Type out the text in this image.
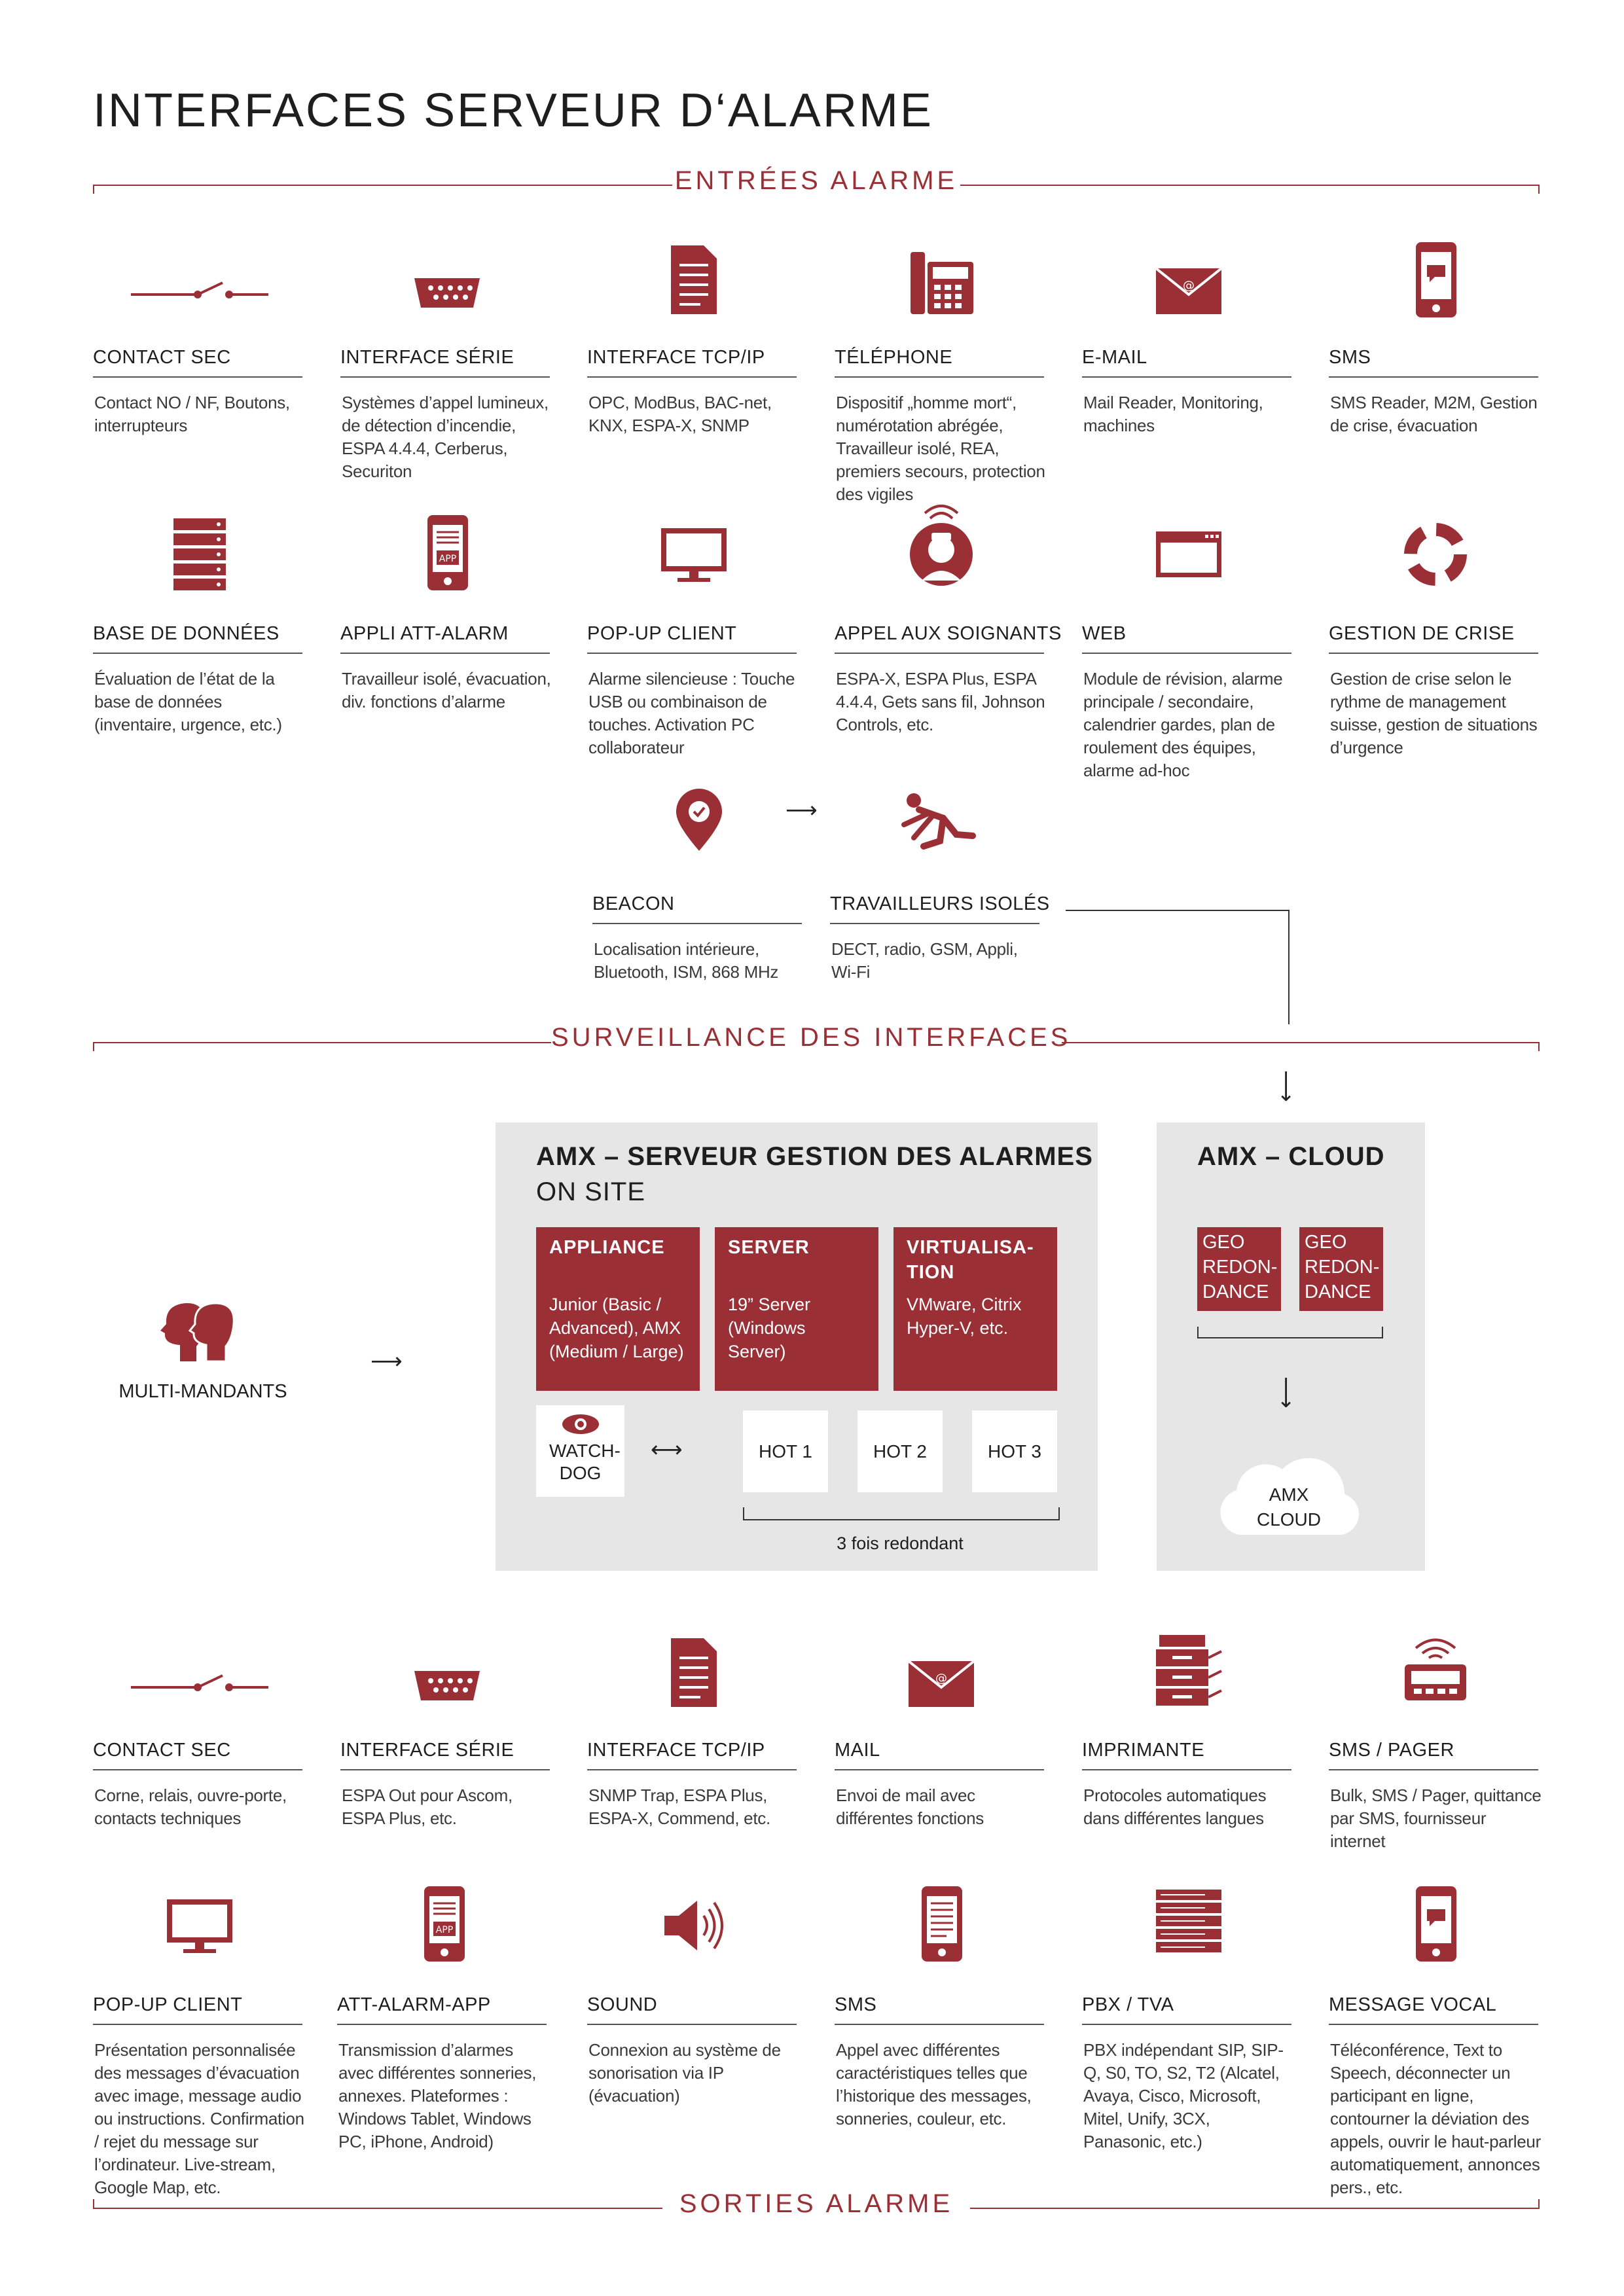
INTERFACES SERVEUR D‘ALARME
ENTRÉES ALARME
CONTACT SEC
Contact NO / NF, Boutons, interrupteurs
INTERFACE SÉRIE
Systèmes d’appel lumineux, de détection d’incendie, ESPA 4.4.4, Cerberus, Securiton
INTERFACE TCP/IP
OPC, ModBus, BAC-net, KNX, ESPA-X, SNMP
TÉLÉPHONE
Dispositif „homme mort“, numérotation abrégée, Travailleur isolé, REA, premiers secours, protection des vigiles
@
E-MAIL
Mail Reader, Monitoring, machines
SMS
SMS Reader, M2M, Gestion de crise, évacuation
BASE DE DONNÉES
Évaluation de l’état de la base de données (inventaire, urgence, etc.)
APP
APPLI ATT-ALARM
Travailleur isolé, évacuation, div. fonctions d’alarme
POP-UP CLIENT
Alarme silencieuse : Touche USB ou combinaison de touches. Activation PC collaborateur
APPEL AUX SOIGNANTS
ESPA-X, ESPA Plus, ESPA 4.4.4, Gets sans fil, Johnson Controls, etc.
WEB
Module de révision, alarme principale / secondaire, calendrier gardes, plan de roulement des équipes, alarme ad-hoc
GESTION DE CRISE
Gestion de crise selon le rythme de management suisse, gestion de situations d’urgence
BEACON
Localisation intérieure, Bluetooth, ISM, 868 MHz
⟶
TRAVAILLEURS ISOLÉS
DECT, radio, GSM, Appli, Wi-Fi
SURVEILLANCE DES INTERFACES
⟶
MULTI-MANDANTS
⟶
AMX – SERVEUR GESTION DES ALARMES
ON SITE
APPLIANCE
Junior (Basic / Advanced), AMX (Medium / Large)
SERVER
19” Server (Windows Server)
VIRTUALISA-TION
VMware, Citrix Hyper-V, etc.
WATCH-DOG
⟷	HOT 1	HOT 2	HOT 3
3 fois redondant
AMX – CLOUD
GEO REDON-DANCE
GEO REDON-DANCE
⟶
AMX CLOUD
CONTACT SEC
Corne, relais, ouvre-porte, contacts techniques
INTERFACE SÉRIE
ESPA Out pour Ascom, ESPA Plus, etc.
INTERFACE TCP/IP
SNMP Trap, ESPA Plus, ESPA-X, Commend, etc.
@
MAIL
Envoi de mail avec différentes fonctions
IMPRIMANTE
Protocoles automatiques dans différentes langues
SMS / PAGER
Bulk, SMS / Pager, quittance par SMS, fournisseur internet
POP-UP CLIENT
Présentation personnalisée des messages d’évacuation avec image, message audio ou instructions. Confirmation / rejet du message sur l’ordinateur. Live-stream, Google Map, etc.
APP
ATT-ALARM-APP
Transmission d’alarmes avec différentes sonneries, annexes. Plateformes : Windows Tablet, Windows PC, iPhone, Android)
SOUND
Connexion au système de sonorisation via IP (évacuation)
SMS
Appel avec différentes caractéristiques telles que l’historique des messages, sonneries, couleur, etc.
PBX / TVA
PBX indépendant SIP, SIP-Q, S0, TO, S2, T2 (Alcatel, Avaya, Cisco, Microsoft, Mitel, Unify, 3CX, Panasonic, etc.)
MESSAGE VOCAL
Téléconférence, Text to Speech, déconnecter un participant en ligne, contourner la déviation des appels, ouvrir le haut-parleur automatiquement, annonces pers., etc.
SORTIES ALARME
